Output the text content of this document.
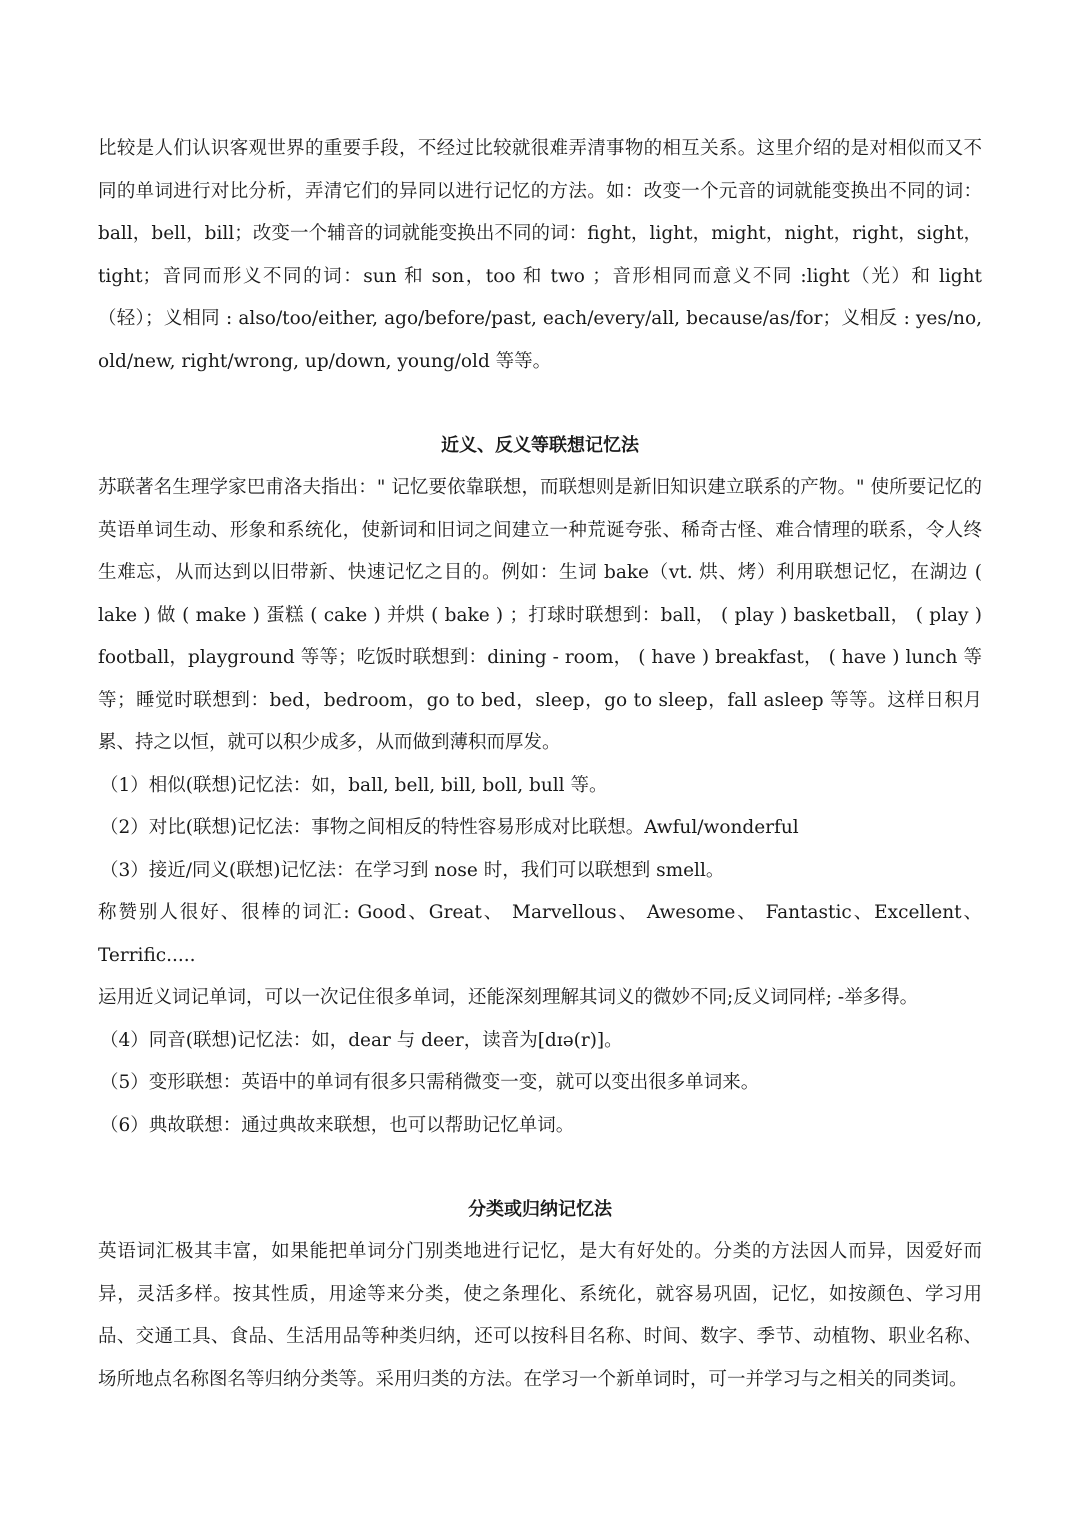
比较是人们认识客观世界的重要手段，不经过比较就很难弄清事物的相互关系。这里介绍的是对相似而又不同的单词进行对比分析，弄清它们的异同以进行记忆的方法。如：改变一个元音的词就能变换出不同的词：ball，bell，bill；改变一个辅音的词就能变换出不同的词：fight，light，might，night，right，sight，tight；音同而形义不同的词：sun 和 son，too 和 two ；音形相同而意义不同 :light（光）和 light（轻）；义相同 : also/too/either, ago/before/past, each/every/all, because/as/for；义相反 : yes/no, old/new, right/wrong, up/down, young/old 等等。

近义、反义等联想记忆法

苏联著名生理学家巴甫洛夫指出：" 记忆要依靠联想，而联想则是新旧知识建立联系的产物。" 使所要记忆的英语单词生动、形象和系统化，使新词和旧词之间建立一种荒诞夸张、稀奇古怪、难合情理的联系，令人终生难忘，从而达到以旧带新、快速记忆之目的。例如：生词 bake（vt. 烘、烤）利用联想记忆，在湖边 ( lake ) 做 ( make ) 蛋糕 ( cake ) 并烘 ( bake ) ；打球时联想到：ball， ( play ) basketball， ( play ) football，playground 等等；吃饭时联想到：dining - room， ( have ) breakfast， ( have ) lunch 等等；睡觉时联想到：bed，bedroom，go to bed，sleep，go to sleep，fall asleep 等等。这样日积月累、持之以恒，就可以积少成多，从而做到薄积而厚发。

（1）相似(联想)记忆法：如，ball, bell, bill, boll, bull 等。

（2）对比(联想)记忆法：事物之间相反的特性容易形成对比联想。Awful/wonderful

（3）接近/同义(联想)记忆法：在学习到 nose 时，我们可以联想到 smell。

称赞别人很好、很棒的词汇: Good、Great、 Marvellous、 Awesome、 Fantastic、Excellent、Terrific.....

运用近义词记单词，可以一次记住很多单词，还能深刻理解其词义的微妙不同;反义词同样; -举多得。

（4）同音(联想)记忆法：如，dear 与 deer，读音为[dɪə(r)]。

（5）变形联想：英语中的单词有很多只需稍微变一变，就可以变出很多单词来。

（6）典故联想：通过典故来联想，也可以帮助记忆单词。

分类或归纳记忆法

英语词汇极其丰富，如果能把单词分门别类地进行记忆，是大有好处的。分类的方法因人而异，因爱好而异，灵活多样。按其性质，用途等来分类，使之条理化、系统化，就容易巩固，记忆，如按颜色、学习用品、交通工具、食品、生活用品等种类归纳，还可以按科目名称、时间、数字、季节、动植物、职业名称、场所地点名称图名等归纳分类等。采用归类的方法。在学习一个新单词时，可一并学习与之相关的同类词。
